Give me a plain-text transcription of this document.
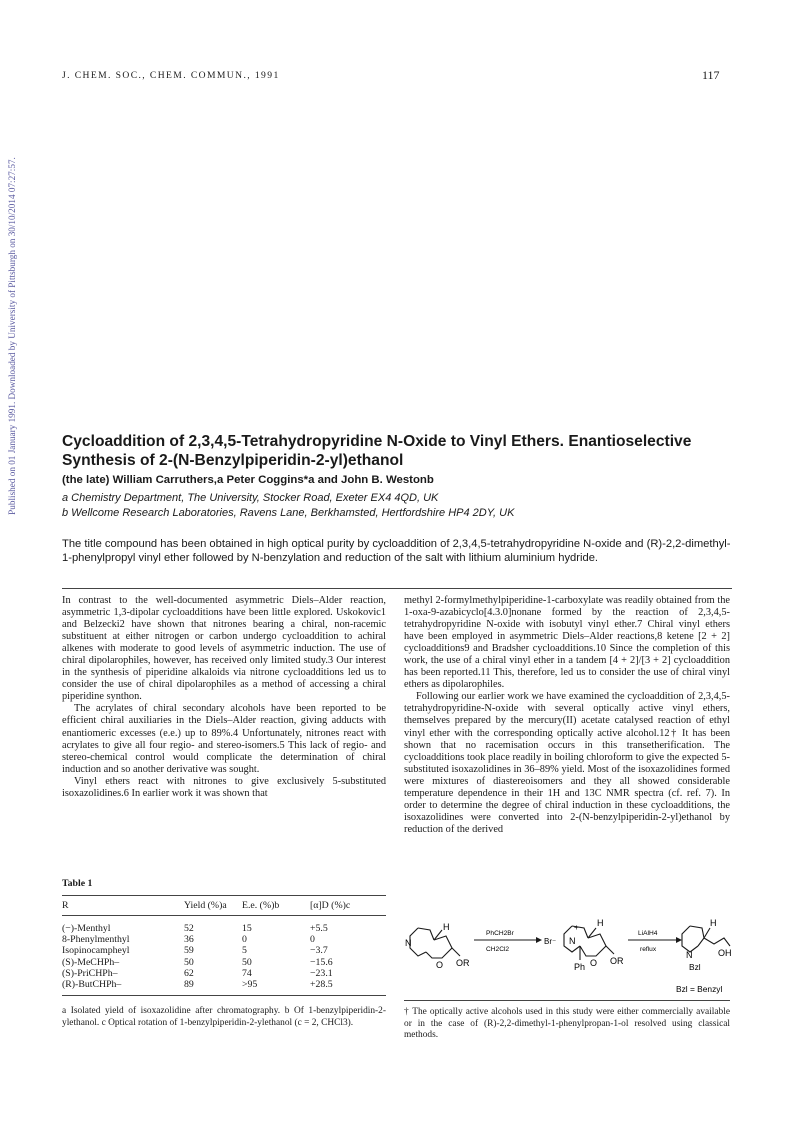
Published on 01 January 1991. Downloaded by University of Pittsburgh on 30/10/2014 07:27:57.
J. CHEM. SOC., CHEM. COMMUN., 1991	117
Cycloaddition of 2,3,4,5-Tetrahydropyridine N-Oxide to Vinyl Ethers. Enantioselective Synthesis of 2-(N-Benzylpiperidin-2-yl)ethanol
(the late) William Carruthers,a Peter Coggins*a and John B. Westonb
a Chemistry Department, The University, Stocker Road, Exeter EX4 4QD, UK
b Wellcome Research Laboratories, Ravens Lane, Berkhamsted, Hertfordshire HP4 2DY, UK
The title compound has been obtained in high optical purity by cycloaddition of 2,3,4,5-tetrahydropyridine N-oxide and (R)-2,2-dimethyl-1-phenylpropyl vinyl ether followed by N-benzylation and reduction of the salt with lithium aluminium hydride.

In contrast to the well-documented asymmetric Diels–Alder reaction, asymmetric 1,3-dipolar cycloadditions have been little explored. Uskokovic1 and Belzecki2 have shown that nitrones bearing a chiral, non-racemic substituent at either nitrogen or carbon undergo cycloaddition to achiral alkenes with moderate to good levels of asymmetric induction. The use of chiral dipolarophiles, however, has received only limited study.3 Our interest in the synthesis of piperidine alkaloids via nitrone cycloadditions led us to consider the use of chiral dipolarophiles as a method of accessing a chiral piperidine synthon.

The acrylates of chiral secondary alcohols have been reported to be efficient chiral auxiliaries in the Diels–Alder reaction, giving adducts with enantiomeric excesses (e.e.) up to 89%.4 Unfortunately, nitrones react with acrylates to give all four regio- and stereo-isomers.5 This lack of regio- and stereo-chemical control would complicate the determination of chiral induction and so another derivative was sought.

Vinyl ethers react with nitrones to give exclusively 5-substituted isoxazolidines.6 In earlier work it was shown that

methyl 2-formylmethylpiperidine-1-carboxylate was readily obtained from the 1-oxa-9-azabicyclo[4.3.0]nonane formed by the reaction of 2,3,4,5-tetrahydropyridine N-oxide with isobutyl vinyl ether.7 Chiral vinyl ethers have been employed in asymmetric Diels–Alder reactions,8 ketene [2 + 2] cycloadditions9 and Bradsher cycloadditions.10 Since the completion of this work, the use of a chiral vinyl ether in a tandem [4 + 2]/[3 + 2] cycloaddition has been reported.11 This, therefore, led us to consider the use of chiral vinyl ethers as dipolarophiles.

Following our earlier work we have examined the cycloaddition of 2,3,4,5-tetrahydropyridine-N-oxide with several optically active vinyl ethers, themselves prepared by the mercury(II) acetate catalysed reaction of ethyl vinyl ether with the corresponding optically active alcohol.12† It has been shown that no racemisation occurs in this transetherification. The cycloadditions took place readily in boiling chloroform to give the expected 5-substituted isoxazolidines in 36–89% yield. Most of the isoxazolidines formed were mixtures of diastereoisomers and they all showed considerable temperature dependence in their 1H and 13C NMR spectra (cf. ref. 7). In order to determine the degree of chiral induction in these cycloadditions, the isoxazolidines were converted into 2-(N-benzylpiperidin-2-yl)ethanol by reduction of the derived

Table 1
R	Yield (%)a	E.e. (%)b	[α]D (%)c
(−)-Menthyl	52	15	+5.5
8-Phenylmenthyl	36	0	0
Isopinocampheyl	59	5	−3.7
(S)-MeCHPh–	50	50	−15.6
(S)-PriCHPh–	62	74	−23.1
(R)-ButCHPh–	89	>95	+28.5
a Isolated yield of isoxazolidine after chromatography. b Of 1-benzylpiperidin-2-ylethanol. c Optical rotation of 1-benzylpiperidin-2-ylethanol (c = 2, CHCl3).
N
O OR
H
PhCH2Br
CH2Cl2
Br⁻ N
+
O
Ph
OR
H
LiAlH4
reflux
N
H
OH
Bzl
Bzl = Benzyl
† The optically active alcohols used in this study were either commercially available or in the case of (R)-2,2-dimethyl-1-phenylpropan-1-ol resolved using classical methods.
